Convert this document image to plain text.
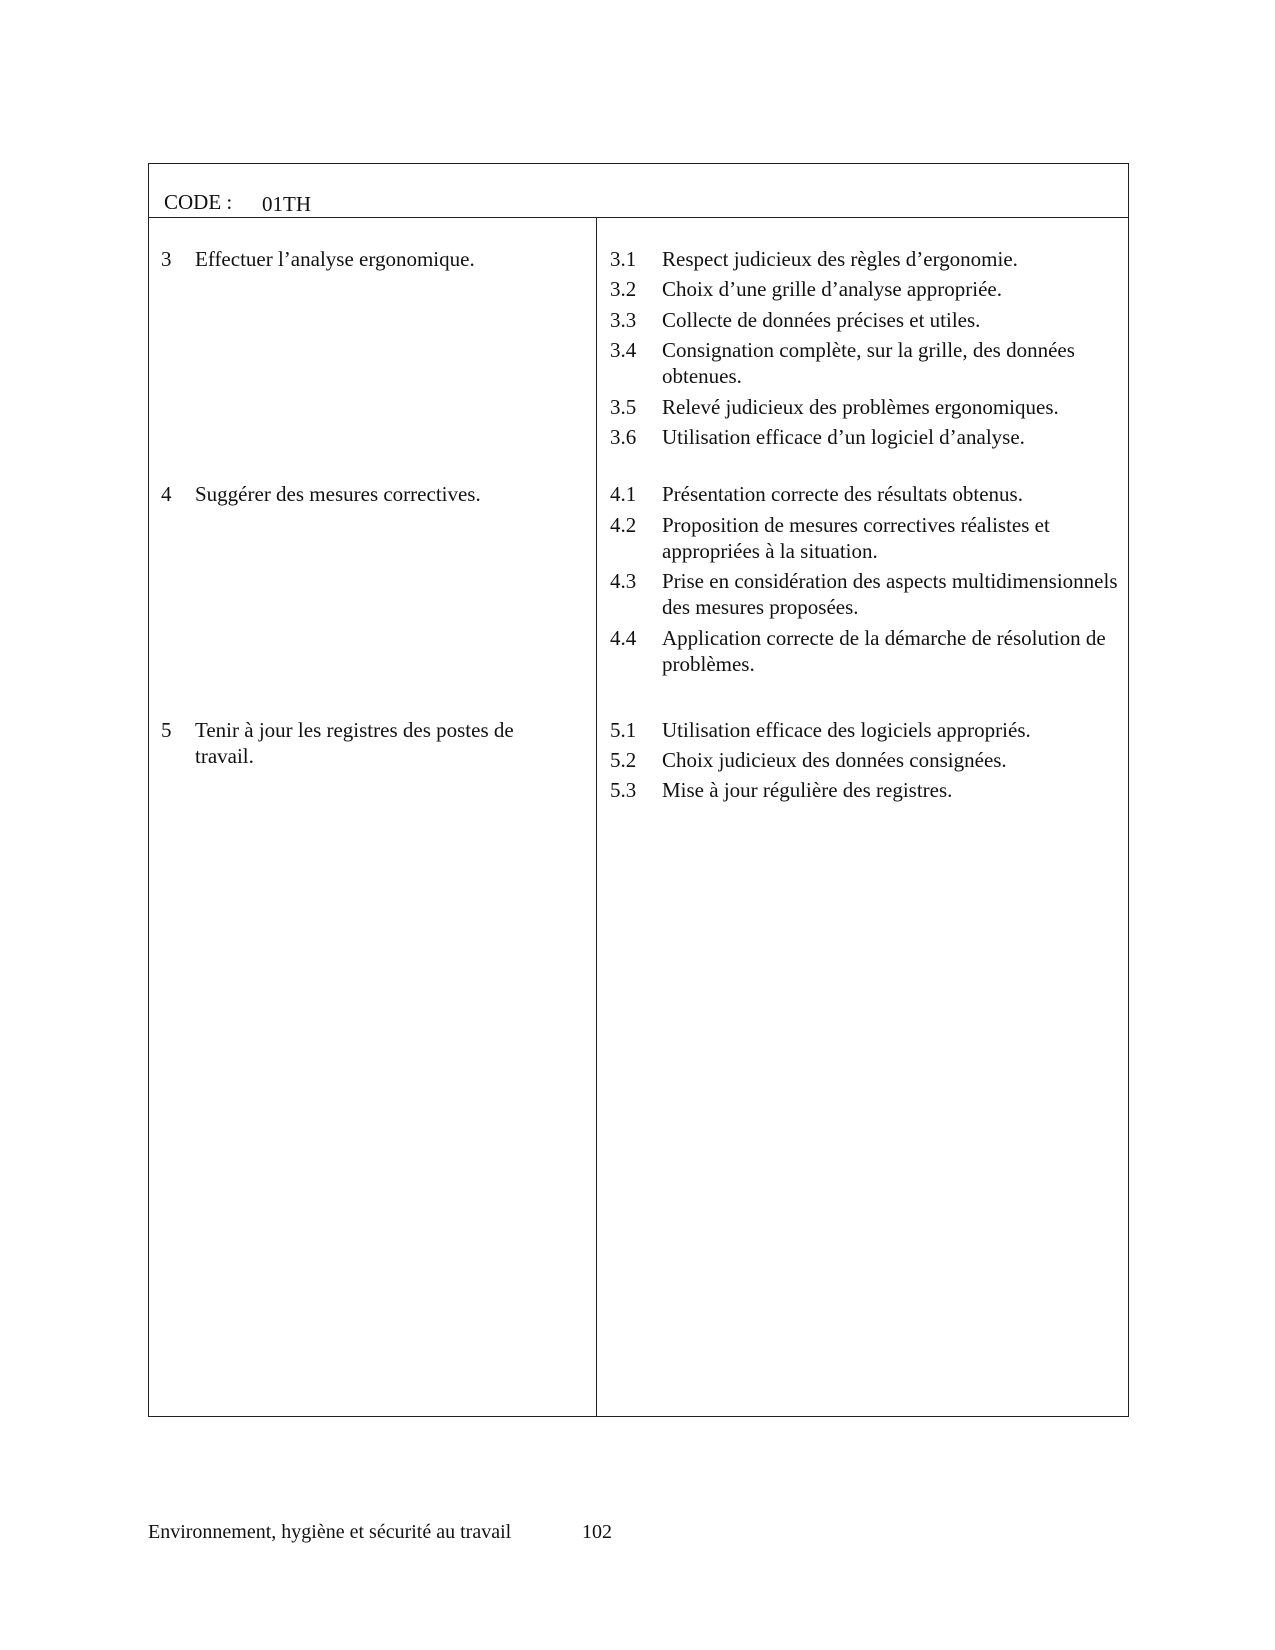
CODE : 01TH
3 Effectuer l’analyse ergonomique.
4 Suggérer des mesures correctives.
5 Tenir à jour les registres des postes de travail.
3.1 Respect judicieux des règles d’ergonomie.
3.2 Choix d’une grille d’analyse appropriée.
3.3 Collecte de données précises et utiles.
3.4 Consignation complète, sur la grille, des données obtenues.
3.5 Relevé judicieux des problèmes ergonomiques.
3.6 Utilisation efficace d’un logiciel d’analyse.
4.1 Présentation correcte des résultats obtenus.
4.2 Proposition de mesures correctives réalistes et appropriées à la situation.
4.3 Prise en considération des aspects multidimensionnels des mesures proposées.
4.4 Application correcte de la démarche de résolution de problèmes.
5.1 Utilisation efficace des logiciels appropriés.
5.2 Choix judicieux des données consignées.
5.3 Mise à jour régulière des registres.
Environnement, hygiène et sécurité au travail	102
